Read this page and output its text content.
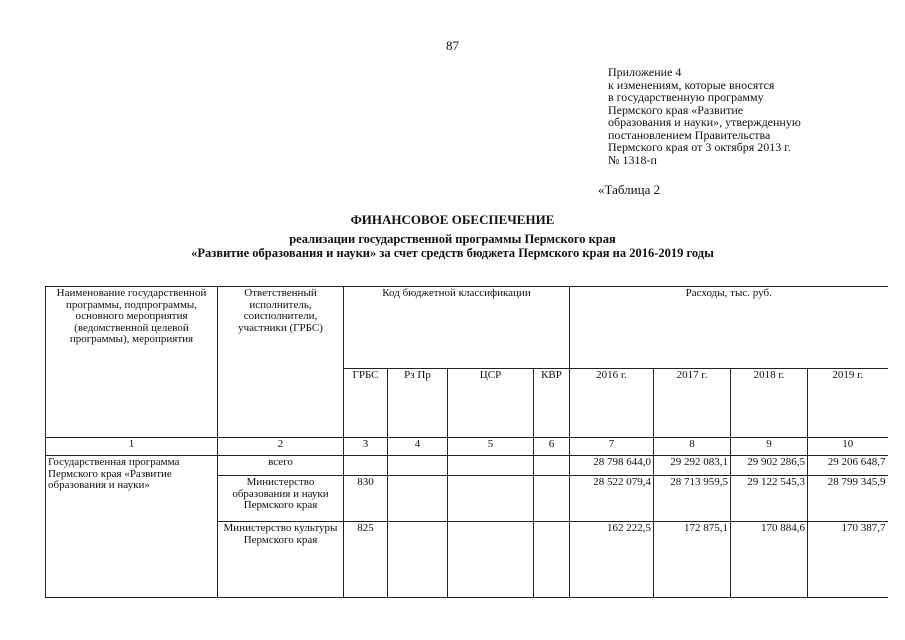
87
Приложение 4
к изменениям, которые вносятся
в государственную программу
Пермского края «Развитие
образования и науки», утвержденную
постановлением Правительства
Пермского края от 3 октября 2013 г.
№ 1318-п
«Таблица 2
ФИНАНСОВОЕ ОБЕСПЕЧЕНИЕ
реализации государственной программы Пермского края
«Развитие образования и науки» за счет средств бюджета Пермского края на 2016-2019 годы
Наименование государственной программы, подпрограммы, основного мероприятия (ведомственной целевой программы), мероприятия	Ответственный исполнитель, соисполнители, участники (ГРБС)	Код бюджетной классификации				Расходы, тыс. руб.			
		ГРБС	Рз Пр	ЦСР	КВР	2016 г.	2017 г.	2018 г.	2019 г.
1	2	3	4	5	6	7	8	9	10
Государственная программа Пермского края «Развитие образования и науки»	всего					28 798 644,0	29 292 083,1	29 902 286,5	29 206 648,7
	Министерство образования и науки Пермского края	830				28 522 079,4	28 713 959,5	29 122 545,3	28 799 345,9
	Министерство культуры Пермского края	825				162 222,5	172 875,1	170 884,6	170 387,7
